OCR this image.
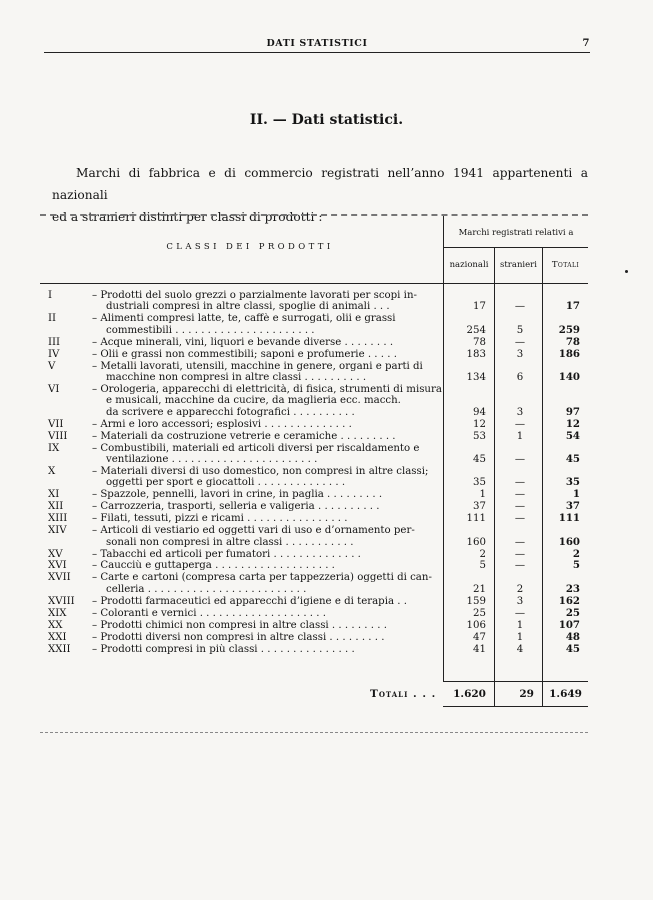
DATI STATISTICI	7
II. — Dati statistici.

Marchi di fabbrica e di commercio registrati nell’anno 1941 appartenenti a nazionali

ed a stranieri distinti per classi di prodotti :

CLASSI DEI PRODOTTI
Marchi registrati relativi a
nazionali	stranieri	Totali
I	– Prodotti del suolo grezzi o parzialmente lavorati per scopi in-
dustriali compresi in altre classi, spoglie di animali . . .	17	—	17
II	– Alimenti compresi latte, te, caffè e surrogati, olii e grassi
commestibili . . . . . . . . . . . . . . . . . . . . . .	254	5	259
III	– Acque minerali, vini, liquori e bevande diverse . . . . . . . .	78	—	78
IV	– Olii e grassi non commestibili; saponi e profumerie . . . . .	183	3	186
V	– Metalli lavorati, utensili, macchine in genere, organi e parti di
macchine non compresi in altre classi . . . . . . . . . .	134	6	140
VI	– Orologeria, apparecchi di elettricità, di fisica, strumenti di misura
e musicali, macchine da cucire, da maglieria ecc. macch.
da scrivere e apparecchi fotografici . . . . . . . . . .	94	3	97
VII	– Armi e loro accessori; esplosivi . . . . . . . . . . . . . .	12	—	12
VIII – Materiali da costruzione vetrerie e ceramiche . . . . . . . . .	53	1	54
IX	– Combustibili, materiali ed articoli diversi per riscaldamento e
ventilazione . . . . . . . . . . . . . . . . . . . . . . .	45	—	45
X	– Materiali diversi di uso domestico, non compresi in altre classi;
oggetti per sport e giocattoli . . . . . . . . . . . . . .	35	—	35
XI	– Spazzole, pennelli, lavori in crine, in paglia . . . . . . . . .	1	—	1
XII	– Carrozzeria, trasporti, selleria e valigeria . . . . . . . . . .	37	—	37
XIII – Filati, tessuti, pizzi e ricami . . . . . . . . . . . . . . . .	111	—	111
XIV – Articoli di vestiario ed oggetti vari di uso e d’ornamento per-
sonali non compresi in altre classi . . . . . . . . . . .	160	—	160
XV	– Tabacchi ed articoli per fumatori . . . . . . . . . . . . . .	2	—	2
XVI – Caucciù e guttaperga . . . . . . . . . . . . . . . . . . .	5	—	5
XVII – Carte e cartoni (compresa carta per tappezzeria) oggetti di can-
celleria . . . . . . . . . . . . . . . . . . . . . . . . .	21	2	23
XVIII – Prodotti farmaceutici ed apparecchi d’igiene e di terapia . .	159	3	162
XIX – Coloranti e vernici . . . . . . . . . . . . . . . . . . . .	25	—	25
XX	– Prodotti chimici non compresi in altre classi . . . . . . . . .	106	1	107
XXI – Prodotti diversi non compresi in altre classi . . . . . . . . .	47	1	48
XXII – Prodotti compresi in più classi . . . . . . . . . . . . . . .	41	4	45
Totali . . .	1.620	29	1.649
